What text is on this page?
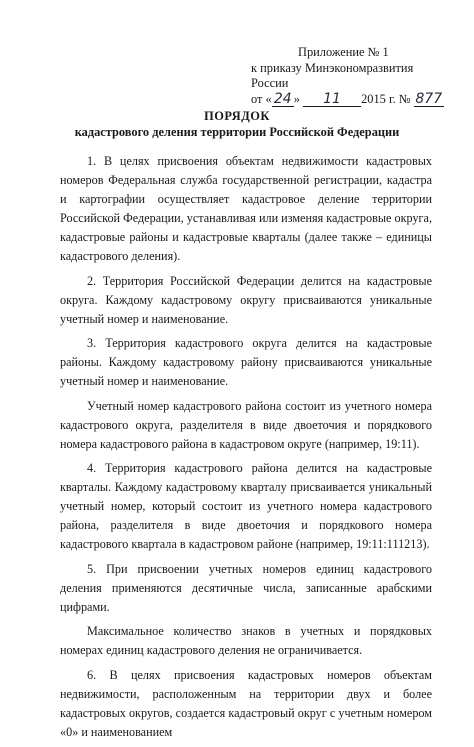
Приложение № 1
к приказу Минэкономразвития России
от « 24 » 11 2015 г. № 877
ПОРЯДОК
кадастрового деления территории Российской Федерации

1. В целях присвоения объектам недвижимости кадастровых номеров Федеральная служба государственной регистрации, кадастра и картографии осуществляет кадастровое деление территории Российской Федерации, устанавливая или изменяя кадастровые округа, кадастровые районы и кадастровые кварталы (далее также – единицы кадастрового деления).

2. Территория Российской Федерации делится на кадастровые округа. Каждому кадастровому округу присваиваются уникальные учетный номер и наименование.

3. Территория кадастрового округа делится на кадастровые районы. Каждому кадастровому району присваиваются уникальные учетный номер и наименование.

Учетный номер кадастрового района состоит из учетного номера кадастрового округа, разделителя в виде двоеточия и порядкового номера кадастрового района в кадастровом округе (например, 19:11).

4. Территория кадастрового района делится на кадастровые кварталы. Каждому кадастровому кварталу присваивается уникальный учетный номер, который состоит из учетного номера кадастрового района, разделителя в виде двоеточия и порядкового номера кадастрового квартала в кадастровом районе (например, 19:11:111213).

5. При присвоении учетных номеров единиц кадастрового деления применяются десятичные числа, записанные арабскими цифрами.

Максимальное количество знаков в учетных и порядковых номерах единиц кадастрового деления не ограничивается.

6. В целях присвоения кадастровых номеров объектам недвижимости, расположенным на территории двух и более кадастровых округов, создается кадастровый округ с учетным номером «0» и наименованием
